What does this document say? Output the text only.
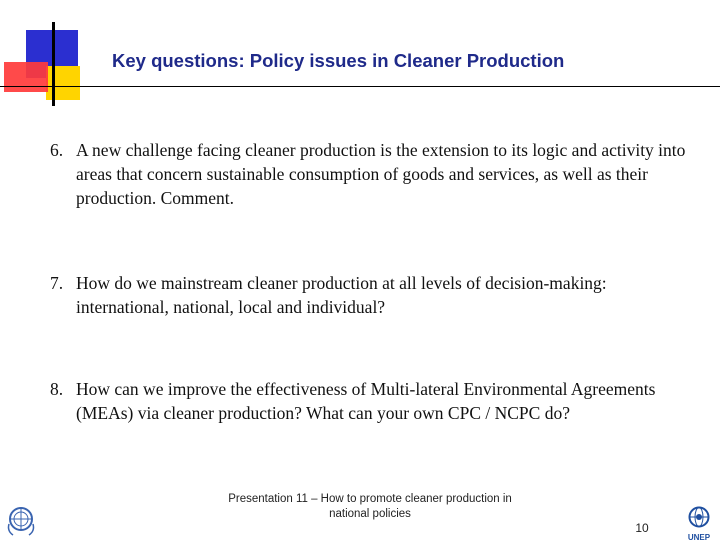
Key questions: Policy issues in Cleaner Production
6. A new challenge facing cleaner production is the extension to its logic and activity into areas that concern sustainable consumption of goods and services, as well as their production. Comment.
7. How do we mainstream cleaner production at all levels of decision-making: international, national, local and individual?
8. How can we improve the effectiveness of Multi-lateral Environmental Agreements (MEAs) via cleaner production? What can your own CPC / NCPC do?
Presentation 11 – How to promote cleaner production in
national policies
10
UNEP
